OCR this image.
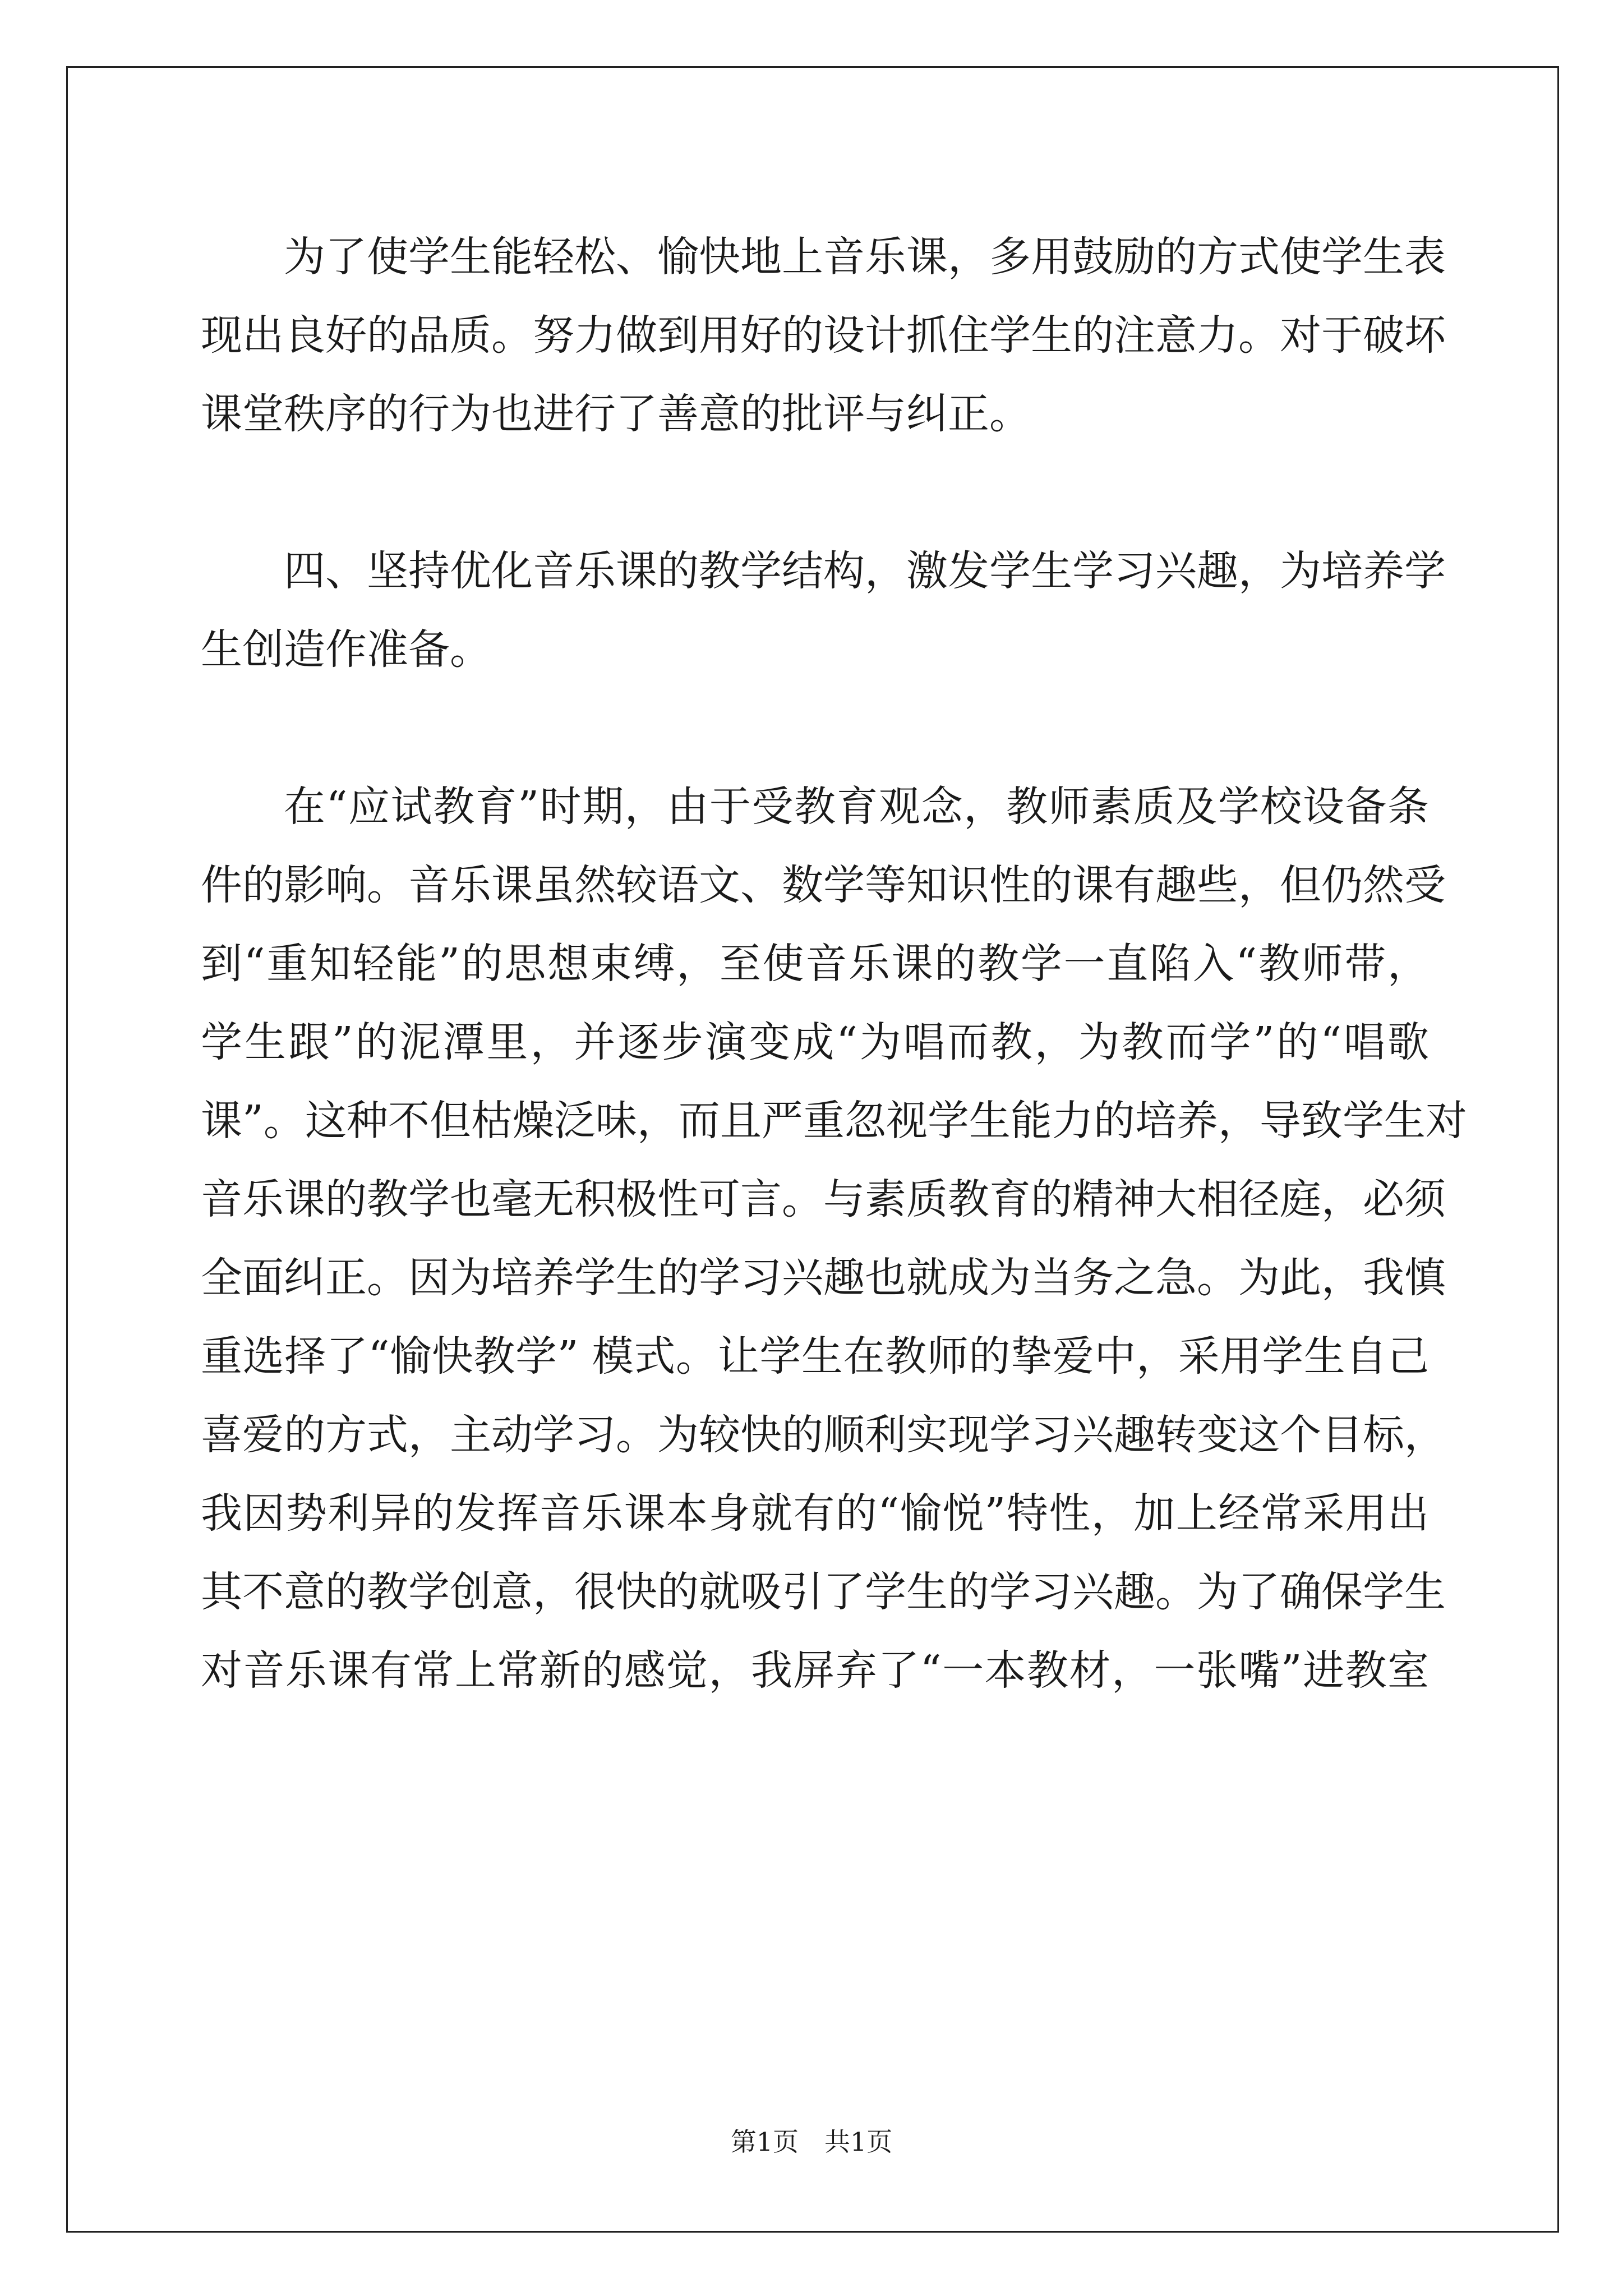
为了使学生能轻松、愉快地上音乐课，多用鼓励的方式使学生表
现出良好的品质。努力做到用好的设计抓住学生的注意力。对于破坏
课堂秩序的行为也进行了善意的批评与纠正。
四、坚持优化音乐课的教学结构，激发学生学习兴趣，为培养学
生创造作准备。
在“应试教育”时期，由于受教育观念，教师素质及学校设备条
件的影响。音乐课虽然较语文、数学等知识性的课有趣些，但仍然受
到“重知轻能”的思想束缚，至使音乐课的教学一直陷入“教师带，
学生跟”的泥潭里，并逐步演变成“为唱而教，为教而学”的“唱歌
课”。这种不但枯燥泛味，而且严重忽视学生能力的培养，导致学生对
音乐课的教学也毫无积极性可言。与素质教育的精神大相径庭，必须
全面纠正。因为培养学生的学习兴趣也就成为当务之急。为此，我慎
重选择了“愉快教学” 模式。让学生在教师的挚爱中，采用学生自己
喜爱的方式，主动学习。为较快的顺利实现学习兴趣转变这个目标，
我因势利异的发挥音乐课本身就有的“愉悦”特性，加上经常采用出
其不意的教学创意，很快的就吸引了学生的学习兴趣。为了确保学生
对音乐课有常上常新的感觉，我屏弃了“一本教材，一张嘴”进教室
第1页 共1页
